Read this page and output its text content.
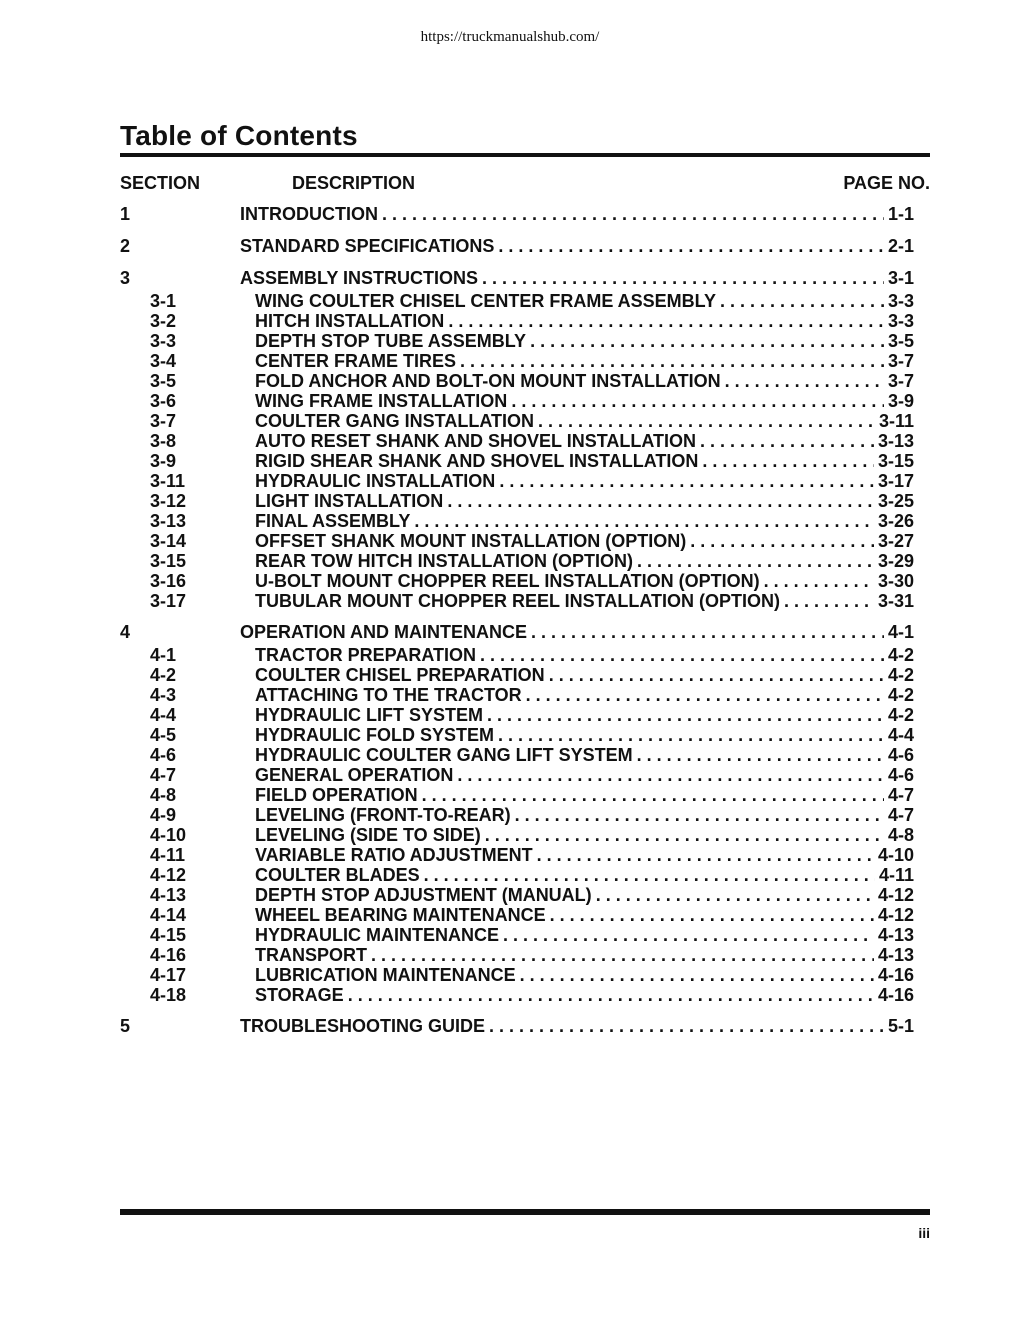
https://truckmanualshub.com/
Table of Contents
SECTION	DESCRIPTION	PAGE NO.
1	INTRODUCTION . . .	1-1
2	STANDARD SPECIFICATIONS . . .	2-1
3	ASSEMBLY INSTRUCTIONS . . .	3-1
3-1	WING COULTER CHISEL CENTER FRAME ASSEMBLY . . .	3-3
3-2	HITCH INSTALLATION . . .	3-3
3-3	DEPTH STOP TUBE ASSEMBLY . . .	3-5
3-4	CENTER FRAME TIRES . . .	3-7
3-5	FOLD ANCHOR AND BOLT-ON MOUNT INSTALLATION . . .	3-7
3-6	WING FRAME INSTALLATION . . .	3-9
3-7	COULTER GANG INSTALLATION . . .	3-11
3-8	AUTO RESET SHANK AND SHOVEL INSTALLATION . . .	3-13
3-9	RIGID SHEAR SHANK AND SHOVEL INSTALLATION . . .	3-15
3-11	HYDRAULIC INSTALLATION . . .	3-17
3-12	LIGHT INSTALLATION . . .	3-25
3-13	FINAL ASSEMBLY . . .	3-26
3-14	OFFSET SHANK MOUNT INSTALLATION (OPTION) . . .	3-27
3-15	REAR TOW HITCH INSTALLATION (OPTION) . . .	3-29
3-16	U-BOLT MOUNT CHOPPER REEL INSTALLATION (OPTION) . . .	3-30
3-17	TUBULAR MOUNT CHOPPER REEL INSTALLATION (OPTION) . . .	3-31
4	OPERATION AND MAINTENANCE . . .	4-1
4-1	TRACTOR PREPARATION . . .	4-2
4-2	COULTER CHISEL PREPARATION . . .	4-2
4-3	ATTACHING TO THE TRACTOR . . .	4-2
4-4	HYDRAULIC LIFT SYSTEM . . .	4-2
4-5	HYDRAULIC FOLD SYSTEM . . .	4-4
4-6	HYDRAULIC COULTER GANG LIFT SYSTEM . . .	4-6
4-7	GENERAL OPERATION . . .	4-6
4-8	FIELD OPERATION . . .	4-7
4-9	LEVELING (FRONT-TO-REAR) . . .	4-7
4-10	LEVELING (SIDE TO SIDE) . . .	4-8
4-11	VARIABLE RATIO ADJUSTMENT . . .	4-10
4-12	COULTER BLADES . . .	4-11
4-13	DEPTH STOP ADJUSTMENT (MANUAL) . . .	4-12
4-14	WHEEL BEARING MAINTENANCE . . .	4-12
4-15	HYDRAULIC MAINTENANCE . . .	4-13
4-16	TRANSPORT . . .	4-13
4-17	LUBRICATION MAINTENANCE . . .	4-16
4-18	STORAGE . . .	4-16
5	TROUBLESHOOTING GUIDE . . .	5-1
iii
